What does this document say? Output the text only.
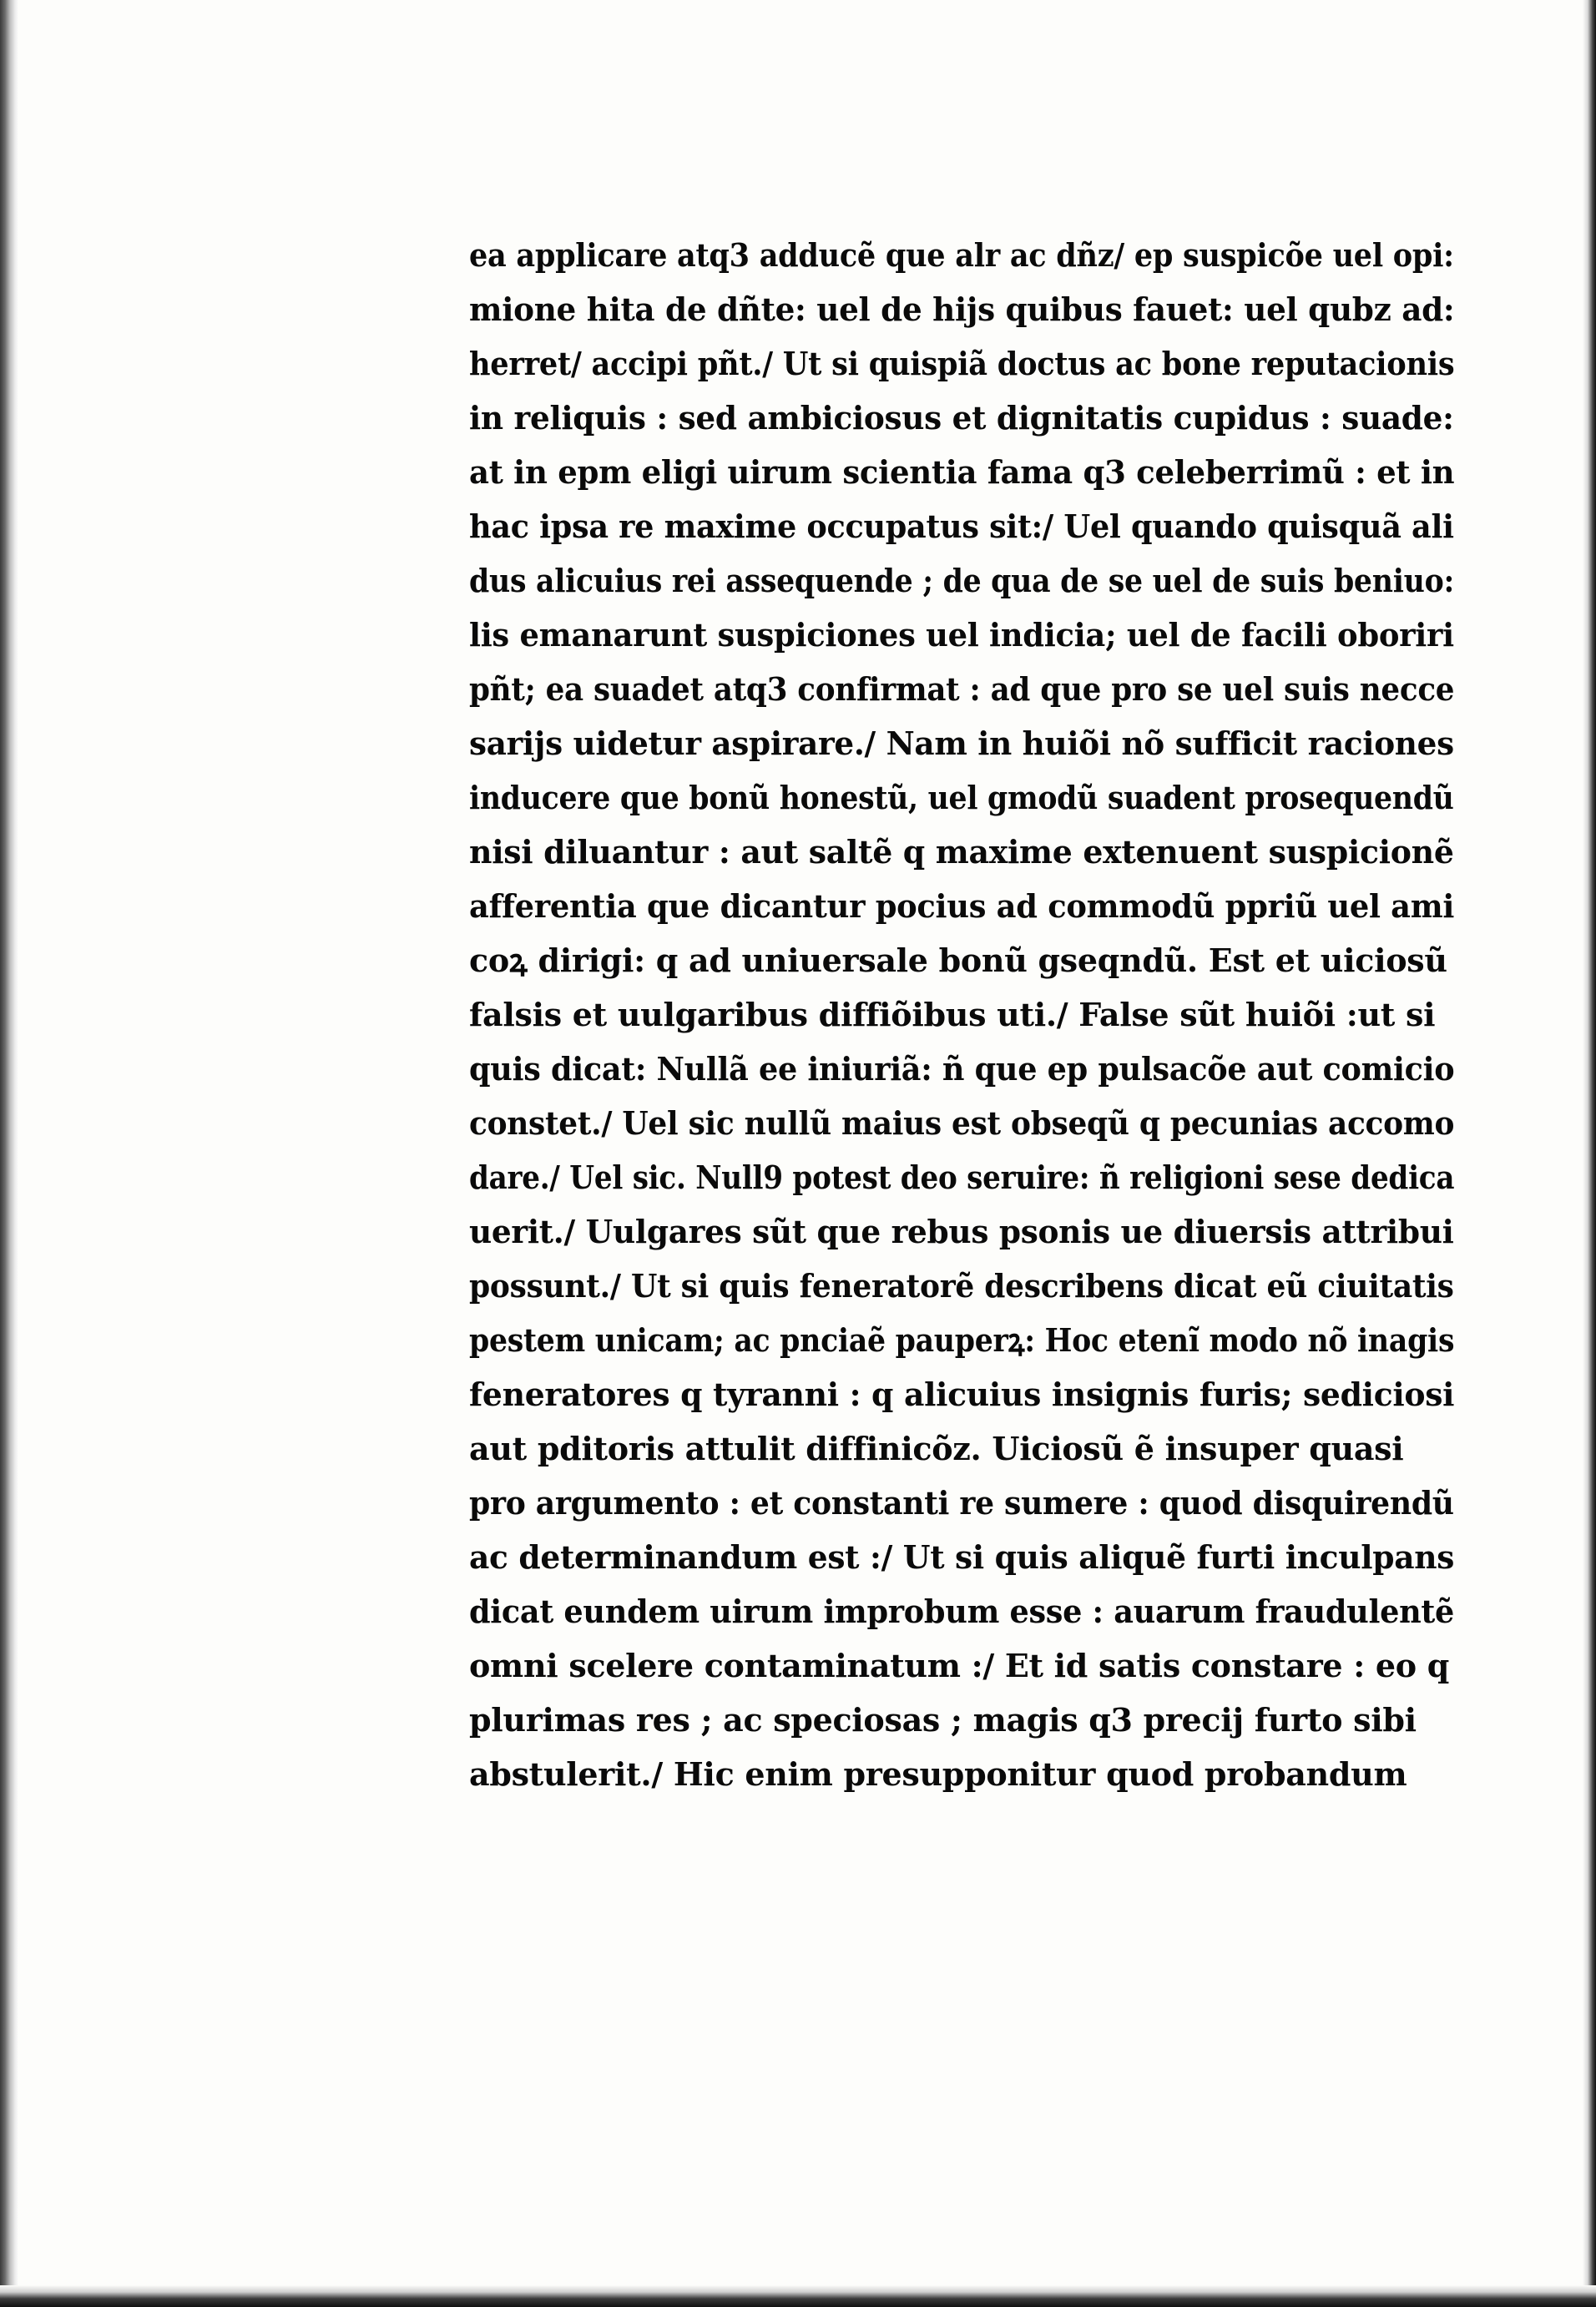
ea applicare atq3 adducẽ que alr ac dñz/ ep suspicõe uel opi:
mione hita de dñte: uel de hijs quibus fauet: uel qubz ad:
herret/ accipi pñt./ Ut si quispiã doctus ac bone reputacionis
in reliquis : sed ambiciosus et dignitatis cupidus : suade:
at in epm eligi uirum scientia fama q3 celeberrimũ : et in
hac ipsa re maxime occupatus sit:/ Uel quando quisquã ali
dus alicuius rei assequende ; de qua de se uel de suis beniuo:
lis emanarunt suspiciones uel indicia; uel de facili oboriri
pñt; ea suadet atq3 confirmat : ad que pro se uel suis necce
sarijs uidetur aspirare./ Nam in huiõi nõ sufficit raciones
inducere que bonũ honestũ, uel gmodũ suadent prosequendũ
nisi diluantur : aut saltẽ q maxime extenuent suspicionẽ
afferentia que dicantur pocius ad commodũ ppriũ uel ami
coꝝ dirigi: q ad uniuersale bonũ gseqndũ. Est et uiciosũ
falsis et uulgaribus diffiõibus uti./ False sũt huiõi :ut si
quis dicat: Nullã ee iniuriã: ñ que ep pulsacõe aut comicio
constet./ Uel sic nullũ maius est obseqũ q pecunias accomo
dare./ Uel sic. Null9 potest deo seruire: ñ religioni sese dedica
uerit./ Uulgares sũt que rebus psonis ue diuersis attribui
possunt./ Ut si quis feneratorẽ describens dicat eũ ciuitatis
pestem unicam; ac pnciaẽ pauperꝝ: Hoc etenĩ modo nõ inagis
feneratores q tyranni : q alicuius insignis furis; sediciosi
aut pditoris attulit diffinicõz. Uiciosũ ẽ insuper quasi
pro argumento : et constanti re sumere : quod disquirendũ
ac determinandum est :/ Ut si quis aliquẽ furti inculpans
dicat eundem uirum improbum esse : auarum fraudulentẽ
omni scelere contaminatum :/ Et id satis constare : eo q
plurimas res ; ac speciosas ; magis q3 precij furto sibi
abstulerit./ Hic enim presupponitur quod probandum
